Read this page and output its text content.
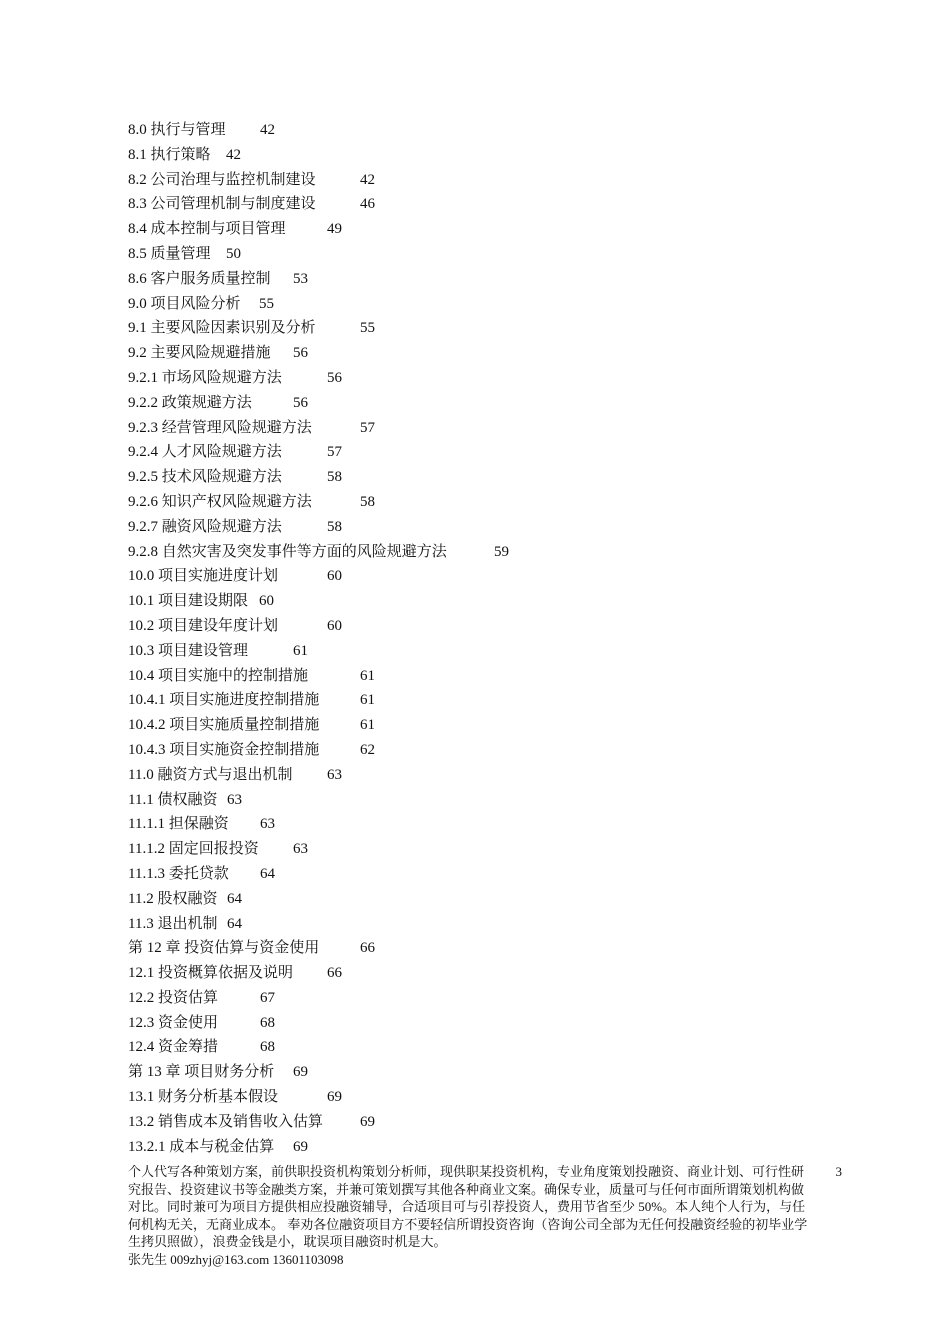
8.0 执行与管理 42
8.1 执行策略 42
8.2 公司治理与监控机制建设	42
8.3 公司管理机制与制度建设	46
8.4 成本控制与项目管理	49
8.5 质量管理 50
8.6 客户服务质量控制 53
9.0 项目风险分析 55
9.1 主要风险因素识别及分析	55
9.2 主要风险规避措施 56
9.2.1 市场风险规避方法	56
9.2.2 政策规避方法	56
9.2.3 经营管理风险规避方法	57
9.2.4 人才风险规避方法	57
9.2.5 技术风险规避方法	58
9.2.6 知识产权风险规避方法	58
9.2.7 融资风险规避方法	58
9.2.8 自然灾害及突发事件等方面的风险规避方法	59
10.0 项目实施进度计划	60
10.1 项目建设期限 60
10.2 项目建设年度计划	60
10.3 项目建设管理	61
10.4 项目实施中的控制措施	61
10.4.1 项目实施进度控制措施	61
10.4.2 项目实施质量控制措施	61
10.4.3 项目实施资金控制措施	62
11.0 融资方式与退出机制 63
11.1 债权融资 63
11.1.1 担保融资 63
11.1.2 固定回报投资 63
11.1.3 委托贷款 64
11.2 股权融资 64
11.3 退出机制 64
第 12 章 投资估算与资金使用	66
12.1 投资概算依据及说明 66
12.2 投资估算	67
12.3 资金使用	68
12.4 资金筹措	68
第 13 章 项目财务分析 69
13.1 财务分析基本假设	69
13.2 销售成本及销售收入估算 69
13.2.1 成本与税金估算 69
个人代写各种策划方案，前供职投资机构策划分析师，现供职某投资机构，专业角度策划投融资、商业计划、可行性研究报告、投资建议书等金融类方案，并兼可策划撰写其他各种商业文案。确保专业，质量可与任何市面所谓策划机构做对比。同时兼可为项目方提供相应投融资辅导，合适项目可与引荐投资人，费用节省至少 50%。本人纯个人行为，与任何机构无关，无商业成本。 奉劝各位融资项目方不要轻信所谓投资咨询（咨询公司全部为无任何投融资经验的初毕业学生拷贝照做），浪费金钱是小，耽误项目融资时机是大。
张先生 009zhyj@163.com 13601103098
3
